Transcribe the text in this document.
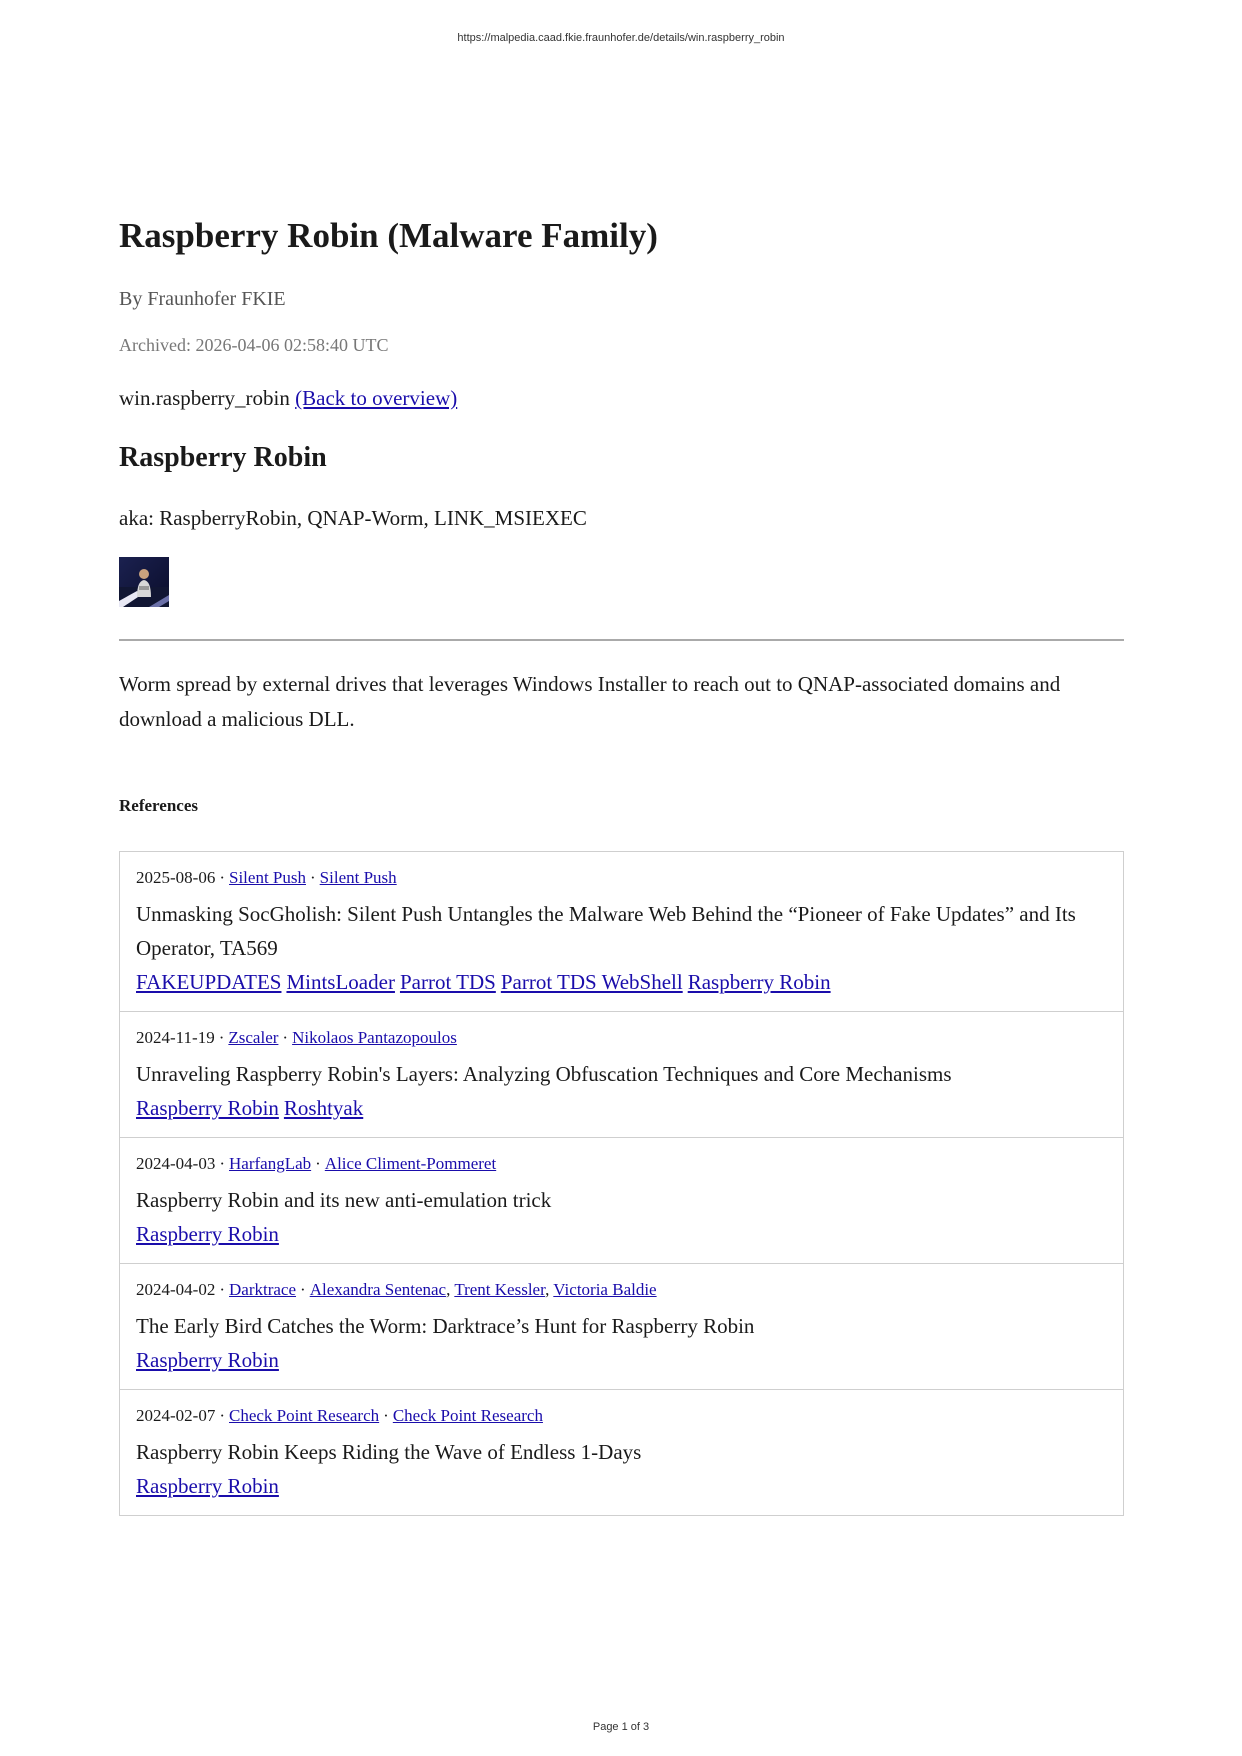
https://malpedia.caad.fkie.fraunhofer.de/details/win.raspberry_robin
Raspberry Robin (Malware Family)
By Fraunhofer FKIE
Archived: 2026-04-06 02:58:40 UTC
win.raspberry_robin (Back to overview)
Raspberry Robin
aka: RaspberryRobin, QNAP-Worm, LINK_MSIEXEC
Worm spread by external drives that leverages Windows Installer to reach out to QNAP-associated domains and download a malicious DLL.
References
2025-08-06 · Silent Push · Silent Push
Unmasking SocGholish: Silent Push Untangles the Malware Web Behind the “Pioneer of Fake Updates” and Its Operator, TA569
FAKEUPDATES MintsLoader Parrot TDS Parrot TDS WebShell Raspberry Robin
2024-11-19 · Zscaler · Nikolaos Pantazopoulos
Unraveling Raspberry Robin's Layers: Analyzing Obfuscation Techniques and Core Mechanisms
Raspberry Robin Roshtyak
2024-04-03 · HarfangLab · Alice Climent-Pommeret
Raspberry Robin and its new anti-emulation trick
Raspberry Robin
2024-04-02 · Darktrace · Alexandra Sentenac, Trent Kessler, Victoria Baldie
The Early Bird Catches the Worm: Darktrace’s Hunt for Raspberry Robin
Raspberry Robin
2024-02-07 · Check Point Research · Check Point Research
Raspberry Robin Keeps Riding the Wave of Endless 1-Days
Raspberry Robin
Page 1 of 3
